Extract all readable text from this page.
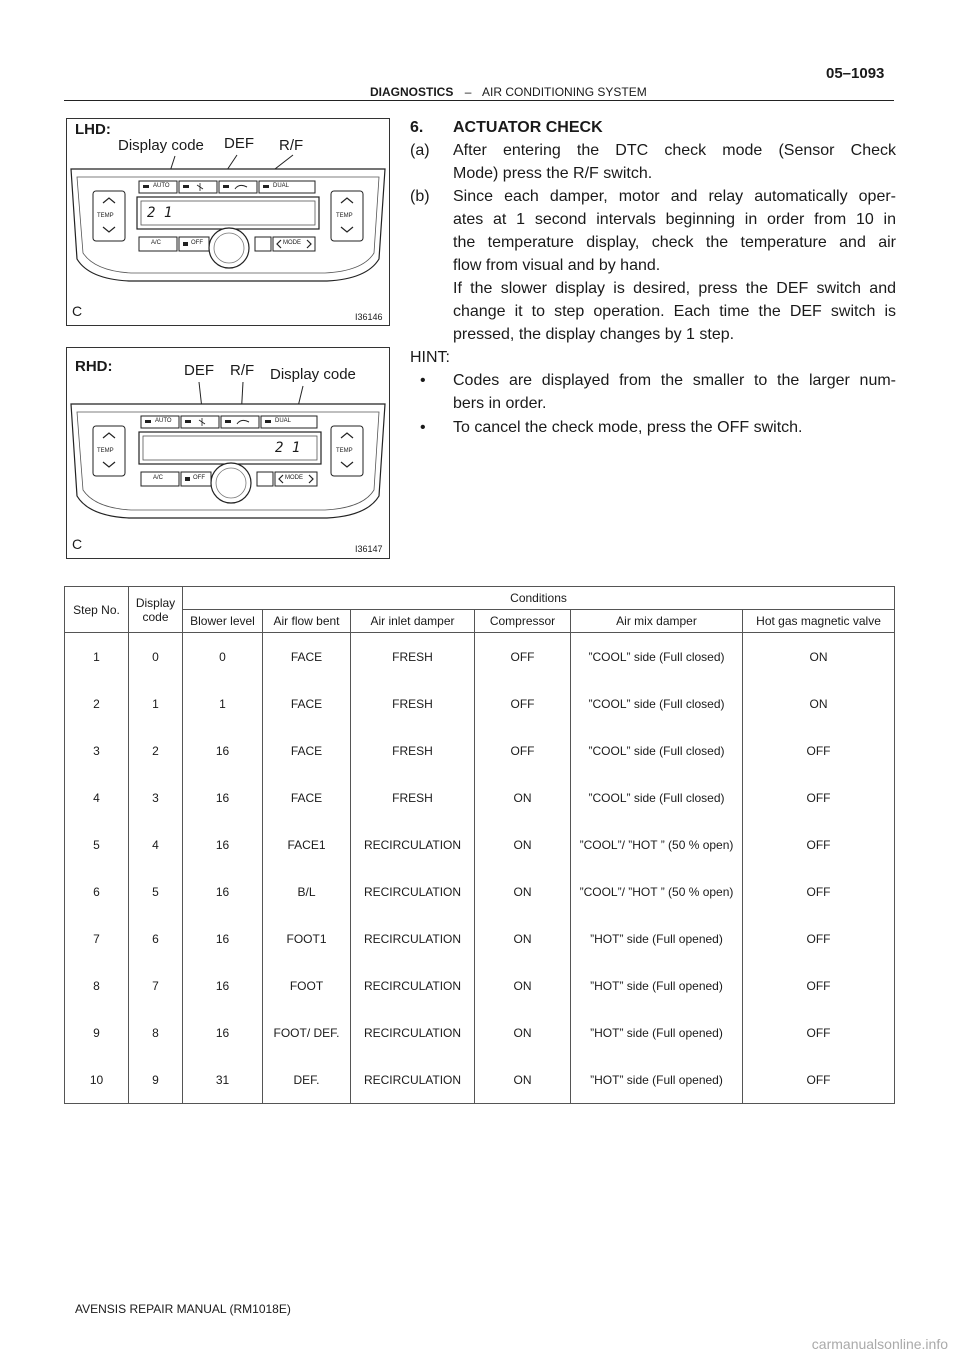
05–1093
DIAGNOSTICS – AIR CONDITIONING SYSTEM
LHD:
Display code DEF R/F
AUTO	DUAL
TEMP	TEMP
A/C	OFF	MODE
2 1
C	I36146
RHD:	DEF R/F Display code
AUTO	DUAL
TEMP	TEMP
A/C	OFF	MODE
2 1
C	I36147
6. ACTUATOR CHECK
(a) After entering the DTC check mode (Sensor Check
Mode) press the R/F switch.
(b) Since each damper, motor and relay automatically oper-
ates at 1 second intervals beginning in order from 10 in
the temperature display, check the temperature and air
flow from visual and by hand.
If the slower display is desired, press the DEF switch and
change it to step operation. Each time the DEF switch is
pressed, the display changes by 1 step.
HINT:
• Codes are displayed from the smaller to the larger num-
bers in order.
• To cancel the check mode, press the OFF switch.
Step No.	Display
code	Conditions					
		Blower level	Air flow bent	Air inlet damper	Compressor	Air mix damper	Hot gas magnetic valve
1	0	0	FACE	FRESH	OFF	”COOL” side (Full closed)	ON
2	1	1	FACE	FRESH	OFF	”COOL” side (Full closed)	ON
3	2	16	FACE	FRESH	OFF	”COOL” side (Full closed)	OFF
4	3	16	FACE	FRESH	ON	”COOL” side (Full closed)	OFF
5	4	16	FACE1	RECIRCULATION	ON	”COOL”/ ”HOT ” (50 % open)	OFF
6	5	16	B/L	RECIRCULATION	ON	”COOL”/ ”HOT ” (50 % open)	OFF
7	6	16	FOOT1	RECIRCULATION	ON	”HOT” side (Full opened)	OFF
8	7	16	FOOT	RECIRCULATION	ON	”HOT” side (Full opened)	OFF
9	8	16	FOOT/ DEF.	RECIRCULATION	ON	”HOT” side (Full opened)	OFF
10	9	31	DEF.	RECIRCULATION	ON	”HOT” side (Full opened)	OFF
AVENSIS REPAIR MANUAL (RM1018E)
carmanualsonline.info
